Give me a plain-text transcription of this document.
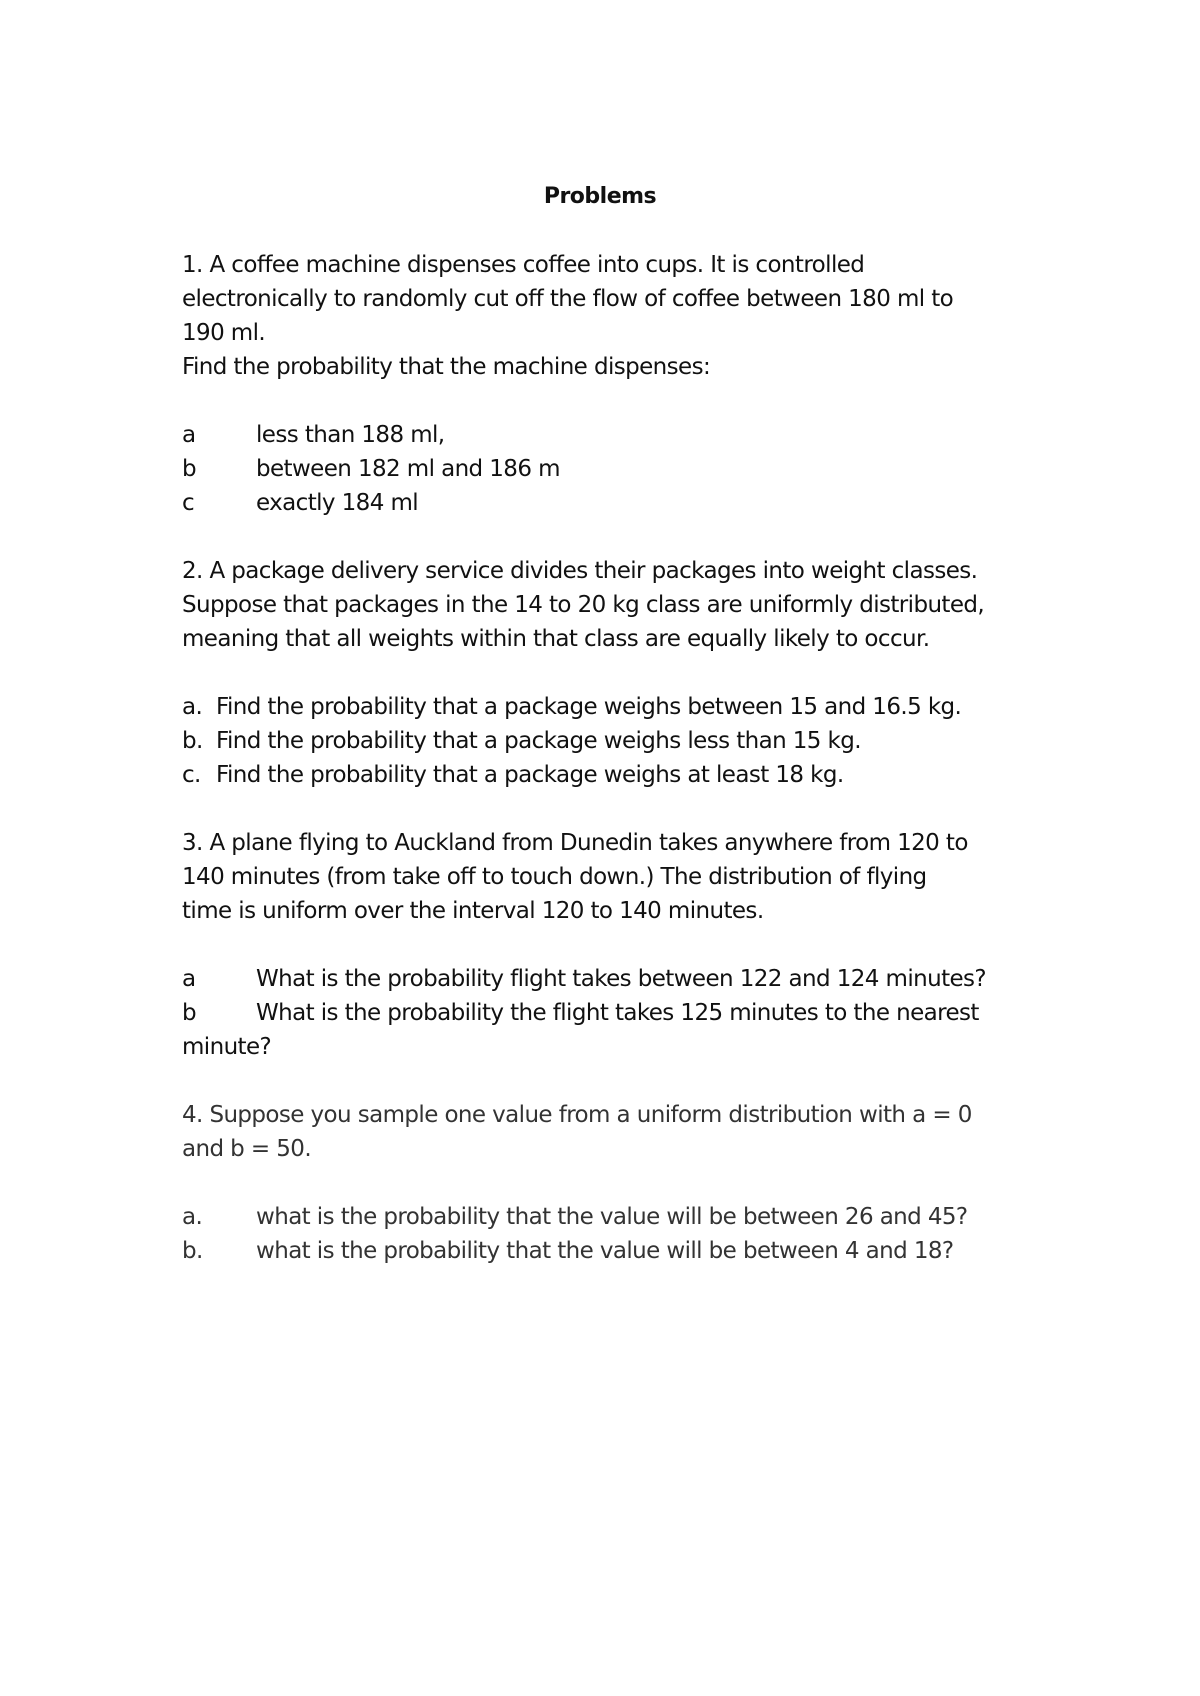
Problems

1. A coffee machine dispenses coffee into cups. It is controlled

electronically to randomly cut off the flow of coffee between 180 ml to

190 ml.

Find the probability that the machine dispenses:

a	less than 188 ml,
b	between 182 ml and 186 m
c	exactly 184 ml

2. A package delivery service divides their packages into weight classes.

Suppose that packages in the 14 to 20 kg class are uniformly distributed,

meaning that all weights within that class are equally likely to occur.

a. Find the probability that a package weighs between 15 and 16.5 kg.
b. Find the probability that a package weighs less than 15 kg.
c. Find the probability that a package weighs at least 18 kg.

3. A plane flying to Auckland from Dunedin takes anywhere from 120 to

140 minutes (from take off to touch down.) The distribution of flying

time is uniform over the interval 120 to 140 minutes.

a	What is the probability flight takes between 122 and 124 minutes?
b	What is the probability the flight takes 125 minutes to the nearest

minute?

4. Suppose you sample one value from a uniform distribution with a = 0

and b = 50.

a.	what is the probability that the value will be between 26 and 45?
b.	what is the probability that the value will be between 4 and 18?
